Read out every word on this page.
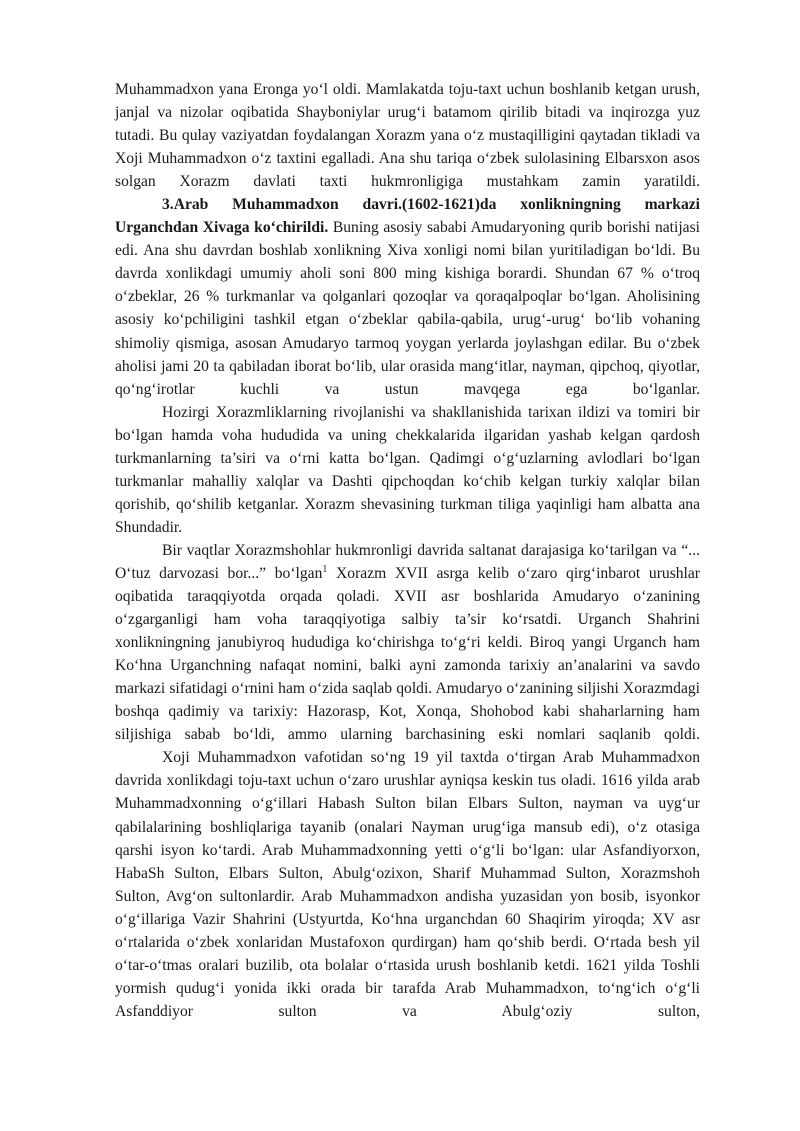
Muhammadxon yana Eronga yo‘l oldi. Mamlakatda toju-taxt uchun boshlanib ketgan urush, janjal va nizolar oqibatida Shayboniylar urug‘i batamom qirilib bitadi va inqirozga yuz tutadi. Bu qulay vaziyatdan foydalangan Xorazm yana o‘z mustaqilligini qaytadan tikladi va Xoji Muhammadxon o‘z taxtini egalladi. Ana shu tariqa o‘zbek sulolasining Elbarsxon asos solgan Xorazm davlati taxti hukmronligiga mustahkam zamin yaratildi.

3.Arab Muhammadxon davri.(1602-1621)da xonlikningning markazi Urganchdan Xivaga ko‘chirildi. Buning asosiy sababi Amudaryoning qurib borishi natijasi edi. Ana shu davrdan boshlab xonlikning Xiva xonligi nomi bilan yuritiladigan bo‘ldi. Bu davrda xonlikdagi umumiy aholi soni 800 ming kishiga borardi. Shundan 67 % o‘troq o‘zbeklar, 26 % turkmanlar va qolganlari qozoqlar va qoraqalpoqlar bo‘lgan. Aholisining asosiy ko‘pchiligini tashkil etgan o‘zbeklar qabila-qabila, urug‘-urug‘ bo‘lib vohaning shimoliy qismiga, asosan Amudaryo tarmoq yoygan yerlarda joylashgan edilar. Bu o‘zbek aholisi jami 20 ta qabiladan iborat bo‘lib, ular orasida mang‘itlar, nayman, qipchoq, qiyotlar, qo‘ng‘irotlar kuchli va ustun mavqega ega bo‘lganlar.

Hozirgi Xorazmliklarning rivojlanishi va shakllanishida tarixan ildizi va tomiri bir bo‘lgan hamda voha hududida va uning chekkalarida ilgaridan yashab kelgan qardosh turkmanlarning ta’siri va o‘rni katta bo‘lgan. Qadimgi o‘g‘uzlarning avlodlari bo‘lgan turkmanlar mahalliy xalqlar va Dashti qipchoqdan ko‘chib kelgan turkiy xalqlar bilan qorishib, qo‘shilib ketganlar. Xorazm shevasining turkman tiliga yaqinligi ham albatta ana Shundadir.

Bir vaqtlar Xorazmshohlar hukmronligi davrida saltanat darajasiga ko‘tarilgan va “... O‘tuz darvozasi bor...” bo‘lgan$^1$ Xorazm XVII asrga kelib o‘zaro qirg‘inbarot urushlar oqibatida taraqqiyotda orqada qoladi. XVII asr boshlarida Amudaryo o‘zanining o‘zgarganligi ham voha taraqqiyotiga salbiy ta’sir ko‘rsatdi. Urganch Shahrini xonlikningning janubiyroq hududiga ko‘chirishga to‘g‘ri keldi. Biroq yangi Urganch ham Ko‘hna Urganchning nafaqat nomini, balki ayni zamonda tarixiy an’analarini va savdo markazi sifatidagi o‘rnini ham o‘zida saqlab qoldi. Amudaryo o‘zanining siljishi Xorazmdagi boshqa qadimiy va tarixiy: Hazorasp, Kot, Xonqa, Shohobod kabi shaharlarning ham siljishiga sabab bo‘ldi, ammo ularning barchasining eski nomlari saqlanib qoldi.

Xoji Muhammadxon vafotidan so‘ng 19 yil taxtda o‘tirgan Arab Muhammadxon davrida xonlikdagi toju-taxt uchun o‘zaro urushlar ayniqsa keskin tus oladi. 1616 yilda arab Muhammadxonning o‘g‘illari Habash Sulton bilan Elbars Sulton, nayman va uyg‘ur qabilalarining boshliqlariga tayanib (onalari Nayman urug‘iga mansub edi), o‘z otasiga qarshi isyon ko‘tardi. Arab Muhammadxonning yetti o‘g‘li bo‘lgan: ular Asfandiyorxon, HabaSh Sulton, Elbars Sulton, Abulg‘ozixon, Sharif Muhammad Sulton, Xorazmshoh Sulton, Avg‘on sultonlardir. Arab Muhammadxon andisha yuzasidan yon bosib, isyonkor o‘g‘illariga Vazir Shahrini (Ustyurtda, Ko‘hna urganchdan 60 Shaqirim yiroqda; XV asr o‘rtalarida o‘zbek xonlaridan Mustafoxon qurdirgan) ham qo‘shib berdi. O‘rtada besh yil o‘tar-o‘tmas oralari buzilib, ota bolalar o‘rtasida urush boshlanib ketdi. 1621 yilda Toshli yormish qudug‘i yonida ikki orada bir tarafda Arab Muhammadxon, to‘ng‘ich o‘g‘li Asfanddiyor sulton va Abulg‘oziy sulton,
